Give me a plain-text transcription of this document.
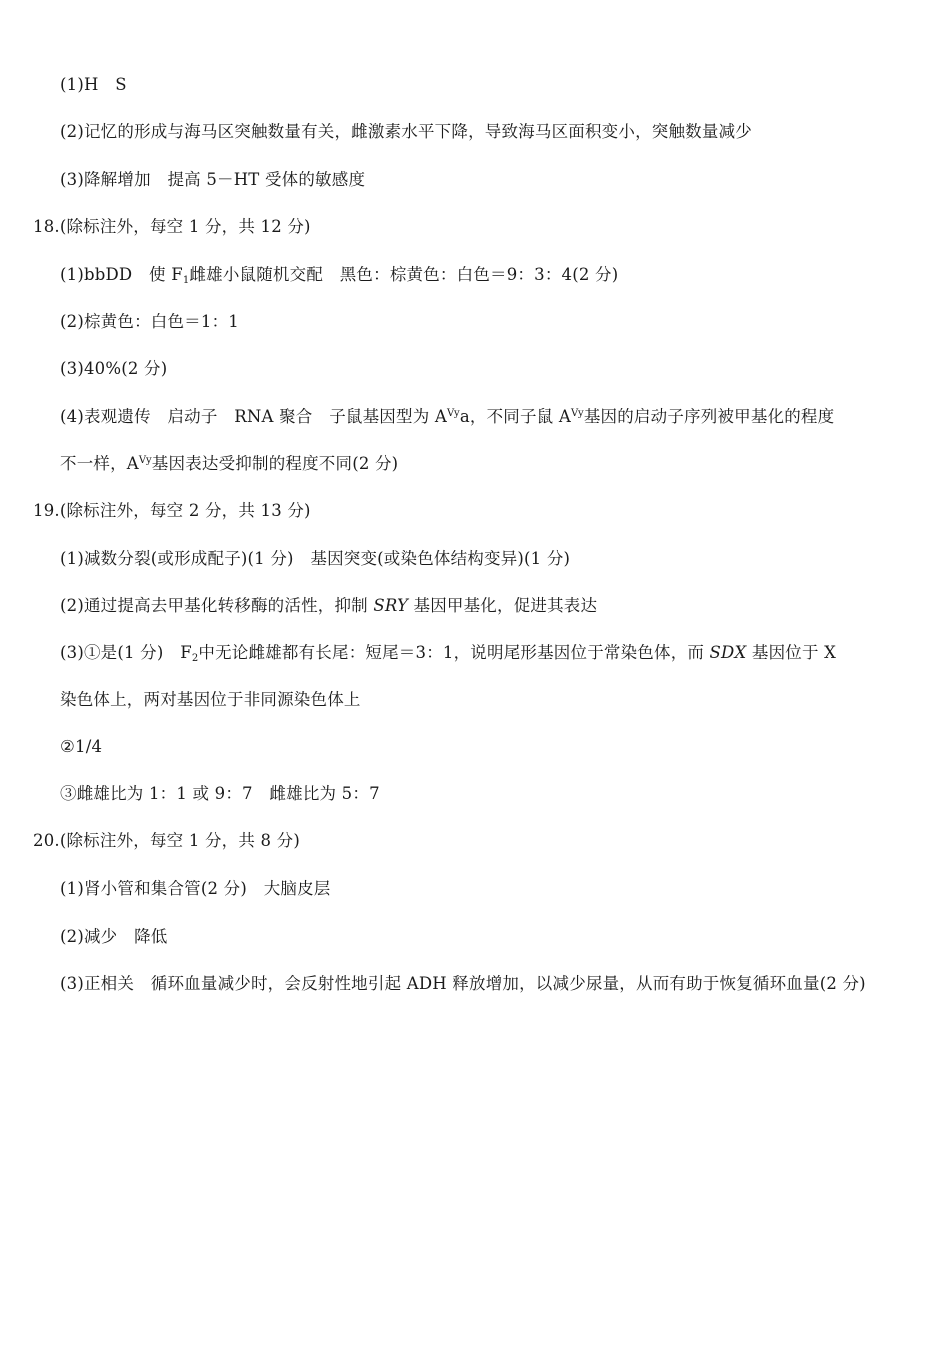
(1)H　S
(2)记忆的形成与海马区突触数量有关，雌激素水平下降，导致海马区面积变小，突触数量减少
(3)降解增加　提高 5－HT 受体的敏感度
18.(除标注外，每空 1 分，共 12 分)
(1)bbDD　使 $F_1$雌雄小鼠随机交配　黑色：棕黄色：白色＝9：3：4(2 分)
(2)棕黄色：白色＝1：1
(3)40%(2 分)
(4)表观遗传　启动子　RNA 聚合　子鼠基因型为 $A^{Vy}a$，不同子鼠 $A^{Vy}$基因的启动子序列被甲基化的程度
不一样，$A^{Vy}$基因表达受抑制的程度不同(2 分)
19.(除标注外，每空 2 分，共 13 分)
(1)减数分裂(或形成配子)(1 分)　基因突变(或染色体结构变异)(1 分)
(2)通过提高去甲基化转移酶的活性，抑制 SRY 基因甲基化，促进其表达
(3)①是(1 分)　$F_2$中无论雌雄都有长尾：短尾＝3：1，说明尾形基因位于常染色体，而 SDX 基因位于 X
染色体上，两对基因位于非同源染色体上
②1/4
③雌雄比为 1：1 或 9：7　雌雄比为 5：7
20.(除标注外，每空 1 分，共 8 分)
(1)肾小管和集合管(2 分)　大脑皮层
(2)减少　降低
(3)正相关　循环血量减少时，会反射性地引起 ADH 释放增加，以减少尿量，从而有助于恢复循环血量(2 分)
